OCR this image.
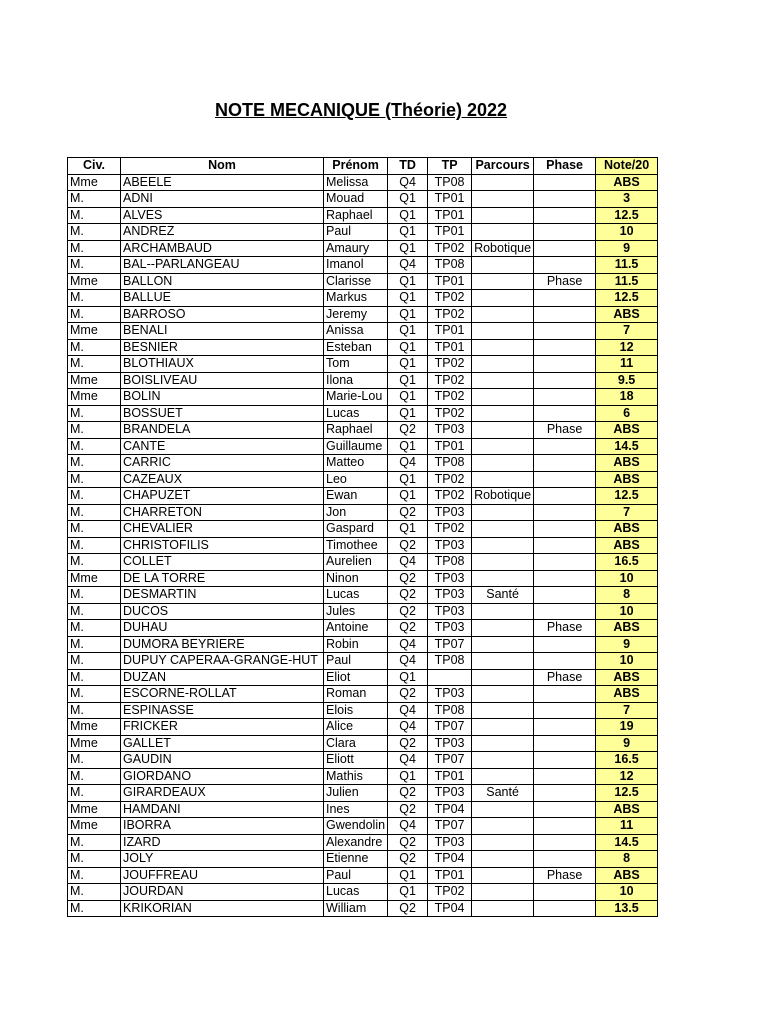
NOTE MECANIQUE (Théorie) 2022
Civ.	Nom	Prénom	TD	TP	Parcours	Phase	Note/20
Mme	ABEELE	Melissa	Q4	TP08			ABS
M.	ADNI	Mouad	Q1	TP01			3
M.	ALVES	Raphael	Q1	TP01			12.5
M.	ANDREZ	Paul	Q1	TP01			10
M.	ARCHAMBAUD	Amaury	Q1	TP02	Robotique		9
M.	BAL--PARLANGEAU	Imanol	Q4	TP08			11.5
Mme	BALLON	Clarisse	Q1	TP01		Phase	11.5
M.	BALLUE	Markus	Q1	TP02			12.5
M.	BARROSO	Jeremy	Q1	TP02			ABS
Mme	BENALI	Anissa	Q1	TP01			7
M.	BESNIER	Esteban	Q1	TP01			12
M.	BLOTHIAUX	Tom	Q1	TP02			11
Mme	BOISLIVEAU	Ilona	Q1	TP02			9.5
Mme	BOLIN	Marie-Lou	Q1	TP02			18
M.	BOSSUET	Lucas	Q1	TP02			6
M.	BRANDELA	Raphael	Q2	TP03		Phase	ABS
M.	CANTE	Guillaume	Q1	TP01			14.5
M.	CARRIC	Matteo	Q4	TP08			ABS
M.	CAZEAUX	Leo	Q1	TP02			ABS
M.	CHAPUZET	Ewan	Q1	TP02	Robotique		12.5
M.	CHARRETON	Jon	Q2	TP03			7
M.	CHEVALIER	Gaspard	Q1	TP02			ABS
M.	CHRISTOFILIS	Timothee	Q2	TP03			ABS
M.	COLLET	Aurelien	Q4	TP08			16.5
Mme	DE LA TORRE	Ninon	Q2	TP03			10
M.	DESMARTIN	Lucas	Q2	TP03	Santé		8
M.	DUCOS	Jules	Q2	TP03			10
M.	DUHAU	Antoine	Q2	TP03		Phase	ABS
M.	DUMORA BEYRIERE	Robin	Q4	TP07			9
M.	DUPUY CAPERAA-GRANGE-HUT	Paul	Q4	TP08			10
M.	DUZAN	Eliot	Q1			Phase	ABS
M.	ESCORNE-ROLLAT	Roman	Q2	TP03			ABS
M.	ESPINASSE	Elois	Q4	TP08			7
Mme	FRICKER	Alice	Q4	TP07			19
Mme	GALLET	Clara	Q2	TP03			9
M.	GAUDIN	Eliott	Q4	TP07			16.5
M.	GIORDANO	Mathis	Q1	TP01			12
M.	GIRARDEAUX	Julien	Q2	TP03	Santé		12.5
Mme	HAMDANI	Ines	Q2	TP04			ABS
Mme	IBORRA	Gwendolin	Q4	TP07			11
M.	IZARD	Alexandre	Q2	TP03			14.5
M.	JOLY	Etienne	Q2	TP04			8
M.	JOUFFREAU	Paul	Q1	TP01		Phase	ABS
M.	JOURDAN	Lucas	Q1	TP02			10
M.	KRIKORIAN	William	Q2	TP04			13.5
